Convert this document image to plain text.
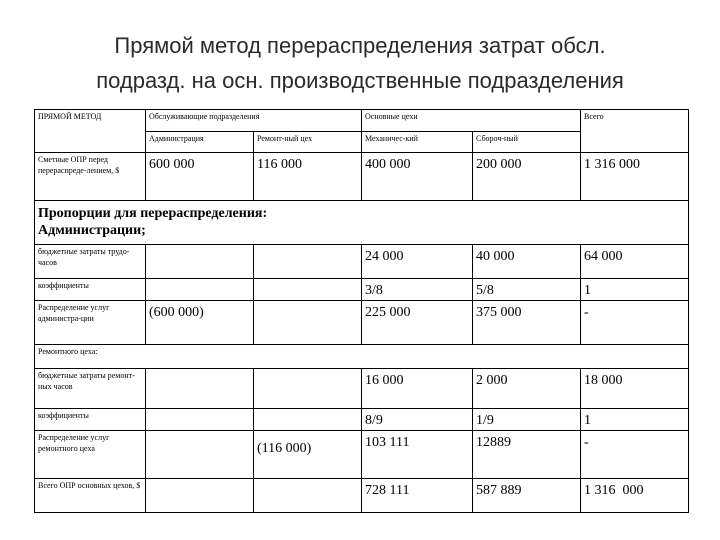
Прямой метод перераспределения затрат обсл.
подразд. на осн. производственные подразделения
ПРЯМОЙ МЕТОД	Обслуживающие подразделения		Основные цехи		Всего
	Администрация	Ремонт-ный цех	Механичес-кий	Сбороч-ный	

Сметные ОПР перед перераспреде-лением, $	600 000	116 000	400 000	200 000	1 316 000

Пропорции для перераспределения:
Администрации;					

бюджетные затраты трудо-часов			24 000	40 000	64 000
коэффициенты			3/8	5/8	1

Распределение услуг администра-ции	(600 000)		225 000	375 000	-
Ремонтного цеха:					

бюджетные затраты ремонт-ных часов			16 000	2 000	18 000
коэффициенты			8/9	1/9	1

Распределение услуг ремонтного цеха		(116 000)	103 111	12889	-

Всего ОПР основных цехов, $			728 111	587 889	1 316  000
